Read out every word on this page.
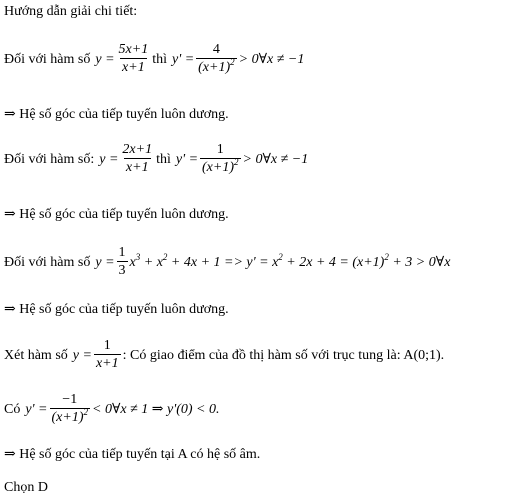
Hướng dẫn giải chi tiết:
Đối với hàm số $y = \frac{5x+1}{x+1}$ thì $y' = \frac{4}{(x+1)^2}$ > 0∀x ≠ −1
⇒ Hệ số góc của tiếp tuyến luôn dương.
Đối với hàm số: $y = \frac{2x+1}{x+1}$ thì $y' = \frac{1}{(x+1)^2}$ > 0∀x ≠ −1
⇒ Hệ số góc của tiếp tuyến luôn dương.
Đối với hàm số $y = \frac{1}{3} x^3 + x^2 + 4x + 1 => y' = x^2 + 2x + 4 = (x+1)^2 + 3$ > 0∀x
⇒ Hệ số góc của tiếp tuyến luôn dương.
Xét hàm số $y = \frac{1}{x+1}$ : Có giao điểm của đồ thị hàm số với trục tung là: A(0;1).
Có $y' = \frac{-1}{(x+1)^2}$ < 0∀x ≠ 1 ⇒ y'(0) < 0.
⇒ Hệ số góc của tiếp tuyến tại A có hệ số âm.
Chọn D
